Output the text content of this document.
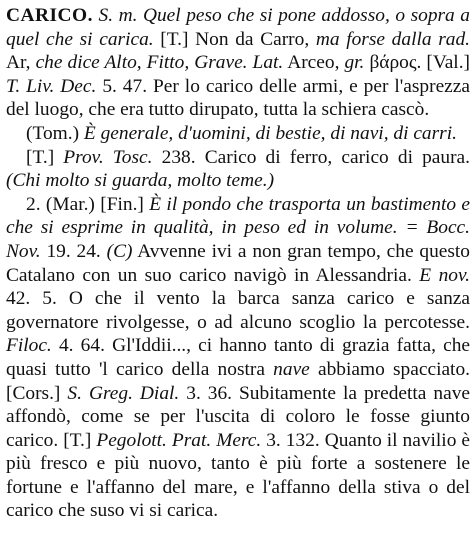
CARICO. S. m. Quel peso che si pone addosso, o sopra a quel che si carica. [T.] Non da Carro, ma forse dalla rad. Ar, che dice Alto, Fitto, Grave. Lat. Arceo, gr. βάρος. [Val.] T. Liv. Dec. 5. 47. Per lo carico delle armi, e per l'asprezza del luogo, che era tutto dirupato, tutta la schiera cascò.

(Tom.) È generale, d'uomini, di bestie, di navi, di carri.

[T.] Prov. Tosc. 238. Carico di ferro, carico di paura. (Chi molto si guarda, molto teme.)

2. (Mar.) [Fin.] È il pondo che trasporta un bastimento e che si esprime in qualità, in peso ed in volume. = Bocc. Nov. 19. 24. (C) Avvenne ivi a non gran tempo, che questo Catalano con un suo carico navigò in Alessandria. E nov. 42. 5. O che il vento la barca sanza carico e sanza governatore rivolgesse, o ad alcuno scoglio la percotesse. Filoc. 4. 64. Gl'Iddii..., ci hanno tanto di grazia fatta, che quasi tutto 'l carico della nostra nave abbiamo spacciato. [Cors.] S. Greg. Dial. 3. 36. Subitamente la predetta nave affondò, come se per l'uscita di coloro le fosse giunto carico. [T.] Pegolott. Prat. Merc. 3. 132. Quanto il navilio è più fresco e più nuovo, tanto è più forte a sostenere le fortune e l'affanno del mare, e l'affanno della stiva o del carico che suso vi si carica.
